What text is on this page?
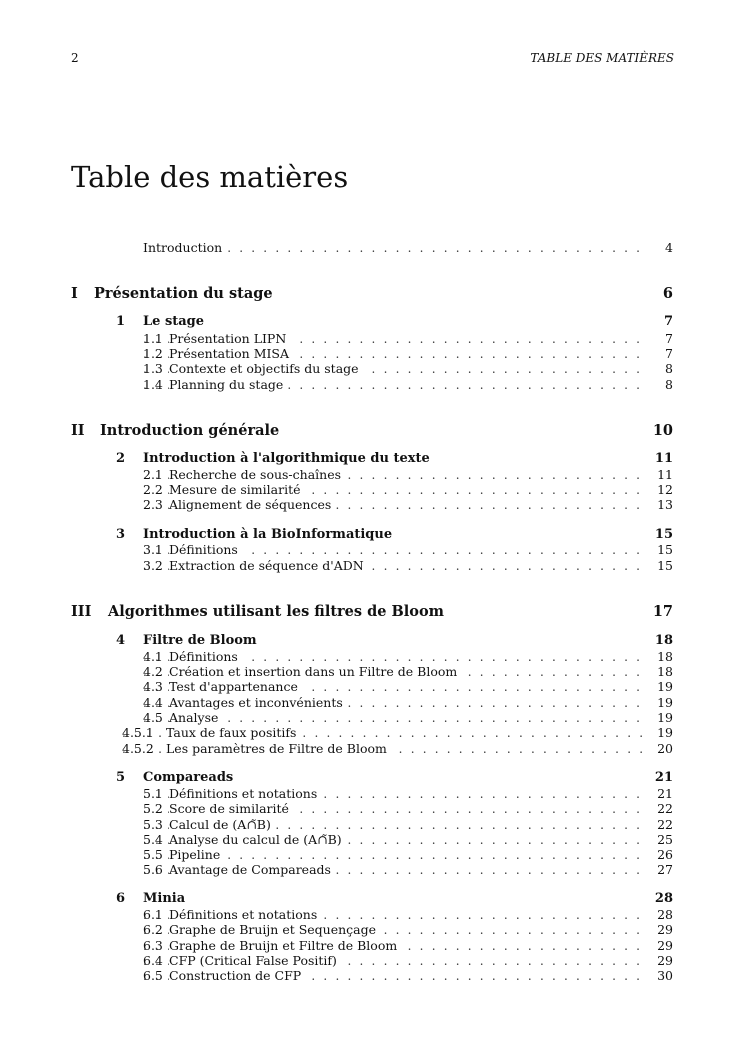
2	TABLE DES MATIÈRES
Table des matières
. . .
Introduction	4
I Présentation du stage	6
1 Le stage	7
. . .
1.1 Présentation LIPN	7
. . .
1.2 Présentation MISA	7
. . .
1.3 Contexte et objectifs du stage	8
. . .
1.4 Planning du stage	8
II Introduction générale	10
2 Introduction à l'algorithmique du texte	11
. . .
2.1 Recherche de sous-chaînes	11
. . .
2.2 Mesure de similarité	12
. . .
2.3 Alignement de séquences	13
3 Introduction à la BioInformatique	15
. . .
3.1 Définitions	15
. . .
3.2 Extraction de séquence d'ADN	15
III Algorithmes utilisant les filtres de Bloom	17
4 Filtre de Bloom	18
. . .
4.1 Définitions	18
. . .
4.2 Création et insertion dans un Filtre de Bloom	18
. . .
4.3 Test d'appartenance	19
. . .
4.4 Avantages et inconvénients	19
. . .
4.5 Analyse	19
. . .
4.5.1 Taux de faux positifs	19
. . .
4.5.2 Les paramètres de Filtre de Bloom	20
5 Compareads	21
. . .
5.1 Définitions et notations	21
. . .
5.2 Score de similarité	22
. . .
5.3 Calcul de (A∩̃B)	22
. . .
5.4 Analyse du calcul de (A∩̃B)	25
. . .
5.5 Pipeline	26
. . .
5.6 Avantage de Compareads	27
6 Minia	28
. . .
6.1 Définitions et notations	28
. . .
6.2 Graphe de Bruijn et Sequençage	29
. . .
6.3 Graphe de Bruijn et Filtre de Bloom	29
. . .
6.4 CFP (Critical False Positif)	29
. . .
6.5 Construction de CFP	30
